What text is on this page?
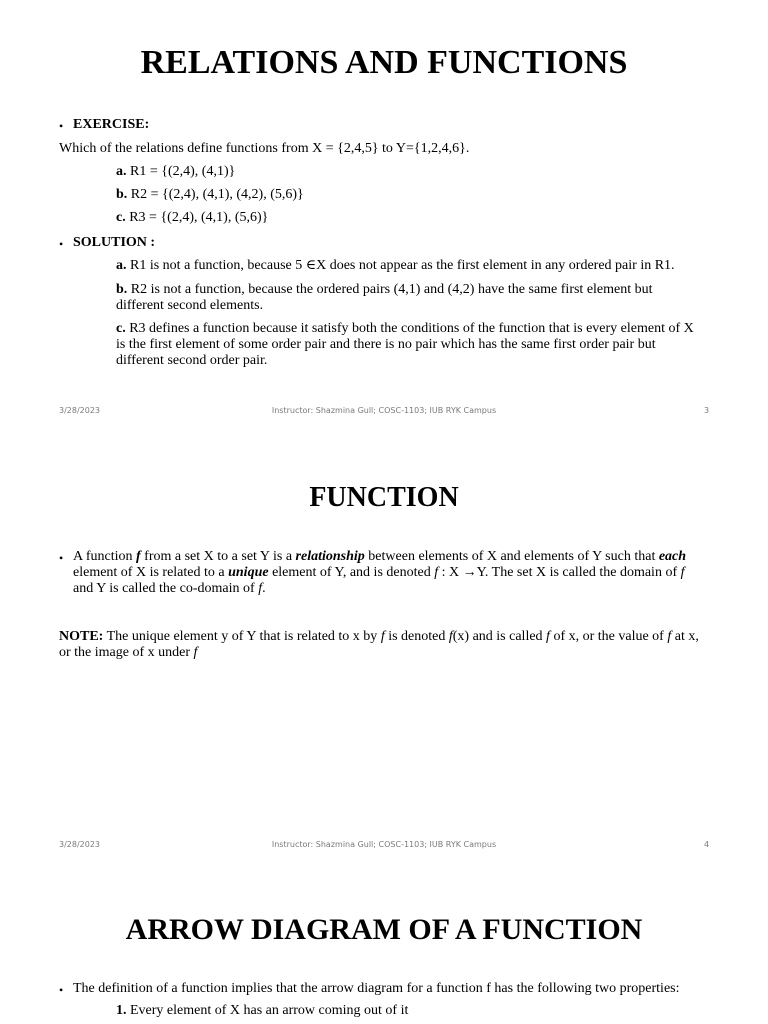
RELATIONS AND FUNCTIONS
• EXERCISE:

Which of the relations define functions from X = {2,4,5} to Y={1,2,4,6}.

a. R1 = {(2,4), (4,1)}

b. R2 = {(2,4), (4,1), (4,2), (5,6)}

c. R3 = {(2,4), (4,1), (5,6)}

• SOLUTION :

a. R1 is not a function, because 5 ∈X does not appear as the first element in any ordered pair in R1.

b. R2 is not a function, because the ordered pairs (4,1) and (4,2) have the same first element but different second elements.

c. R3 defines a function because it satisfy both the conditions of the function that is every element of X is the first element of some order pair and there is no pair which has the same first order pair but different second order pair.

3/28/2023	Instructor: Shazmina Gull; COSC-1103; IUB RYK Campus	3
FUNCTION
• A function f from a set X to a set Y is a relationship between elements of X and elements of Y such that each element of X is related to a unique element of Y, and is denoted f : X →Y. The set X is called the domain of f and Y is called the co-domain of f.

NOTE: The unique element y of Y that is related to x by f is denoted f(x) and is called f of x, or the value of f at x, or the image of x under f

3/28/2023	Instructor: Shazmina Gull; COSC-1103; IUB RYK Campus	4
ARROW DIAGRAM OF A FUNCTION
• The definition of a function implies that the arrow diagram for a function f has the following two properties:

1. Every element of X has an arrow coming out of it
